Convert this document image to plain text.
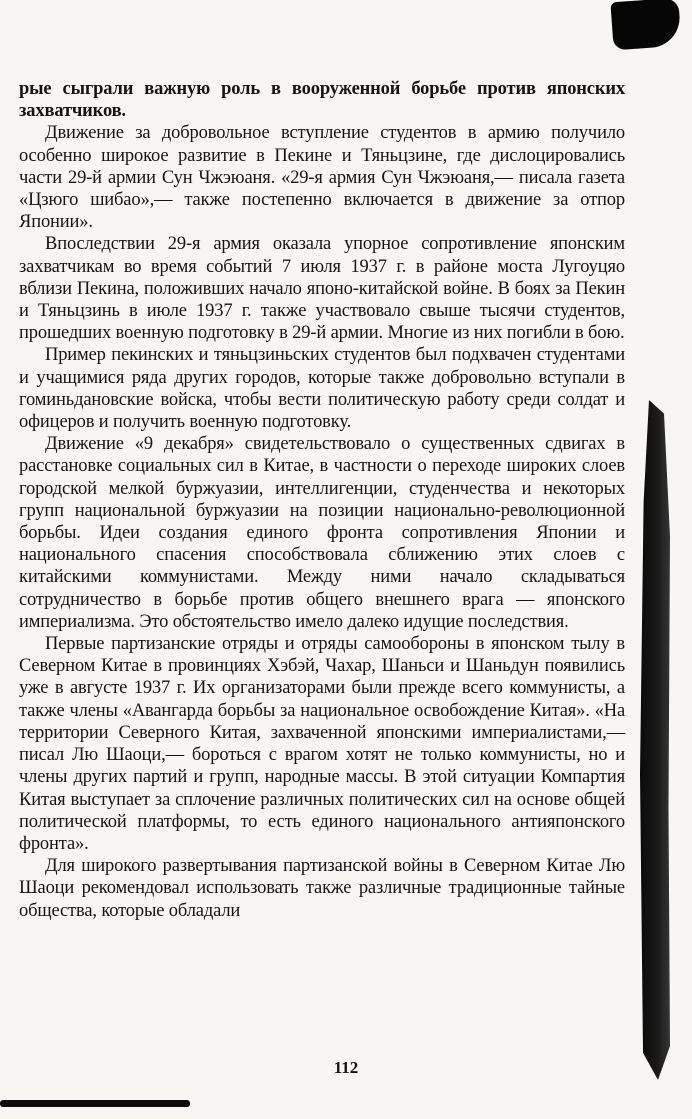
рые сыграли важную роль в вооруженной борьбе против японских захватчиков.

Движение за добровольное вступление студентов в армию получило особенно широкое развитие в Пекине и Тяньцзине, где дислоцировались части 29-й армии Сун Чжэюаня. «29-я армия Сун Чжэюаня,— писала газета «Цзюго шибао»,— также постепенно включается в движение за отпор Японии».

Впоследствии 29-я армия оказала упорное сопротивление японским захватчикам во время событий 7 июля 1937 г. в районе моста Лугоуцяо вблизи Пекина, положивших начало японо-китайской войне. В боях за Пекин и Тяньцзинь в июле 1937 г. также участвовало свыше тысячи студентов, прошедших военную подготовку в 29-й армии. Многие из них погибли в бою.

Пример пекинских и тяньцзиньских студентов был подхвачен студентами и учащимися ряда других городов, которые также добровольно вступали в гоминьдановские войска, чтобы вести политическую работу среди солдат и офицеров и получить военную подготовку.

Движение «9 декабря» свидетельствовало о существенных сдвигах в расстановке социальных сил в Китае, в частности о переходе широких слоев городской мелкой буржуазии, интеллигенции, студенчества и некоторых групп национальной буржуазии на позиции национально-революционной борьбы. Идеи создания единого фронта сопротивления Японии и национального спасения способствовала сближению этих слоев с китайскими коммунистами. Между ними начало складываться сотрудничество в борьбе против общего внешнего врага — японского империализма. Это обстоятельство имело далеко идущие последствия.

Первые партизанские отряды и отряды самообороны в японском тылу в Северном Китае в провинциях Хэбэй, Чахар, Шаньси и Шаньдун появились уже в августе 1937 г. Их организаторами были прежде всего коммунисты, а также члены «Авангарда борьбы за национальное освобождение Китая». «На территории Северного Китая, захваченной японскими империалистами,— писал Лю Шаоци,— бороться с врагом хотят не только коммунисты, но и члены других партий и групп, народные массы. В этой ситуации Компартия Китая выступает за сплочение различных политических сил на основе общей политической платформы, то есть единого национального антияпонского фронта».

Для широкого развертывания партизанской войны в Северном Китае Лю Шаоци рекомендовал использовать также различные традиционные тайные общества, которые обладали

112
